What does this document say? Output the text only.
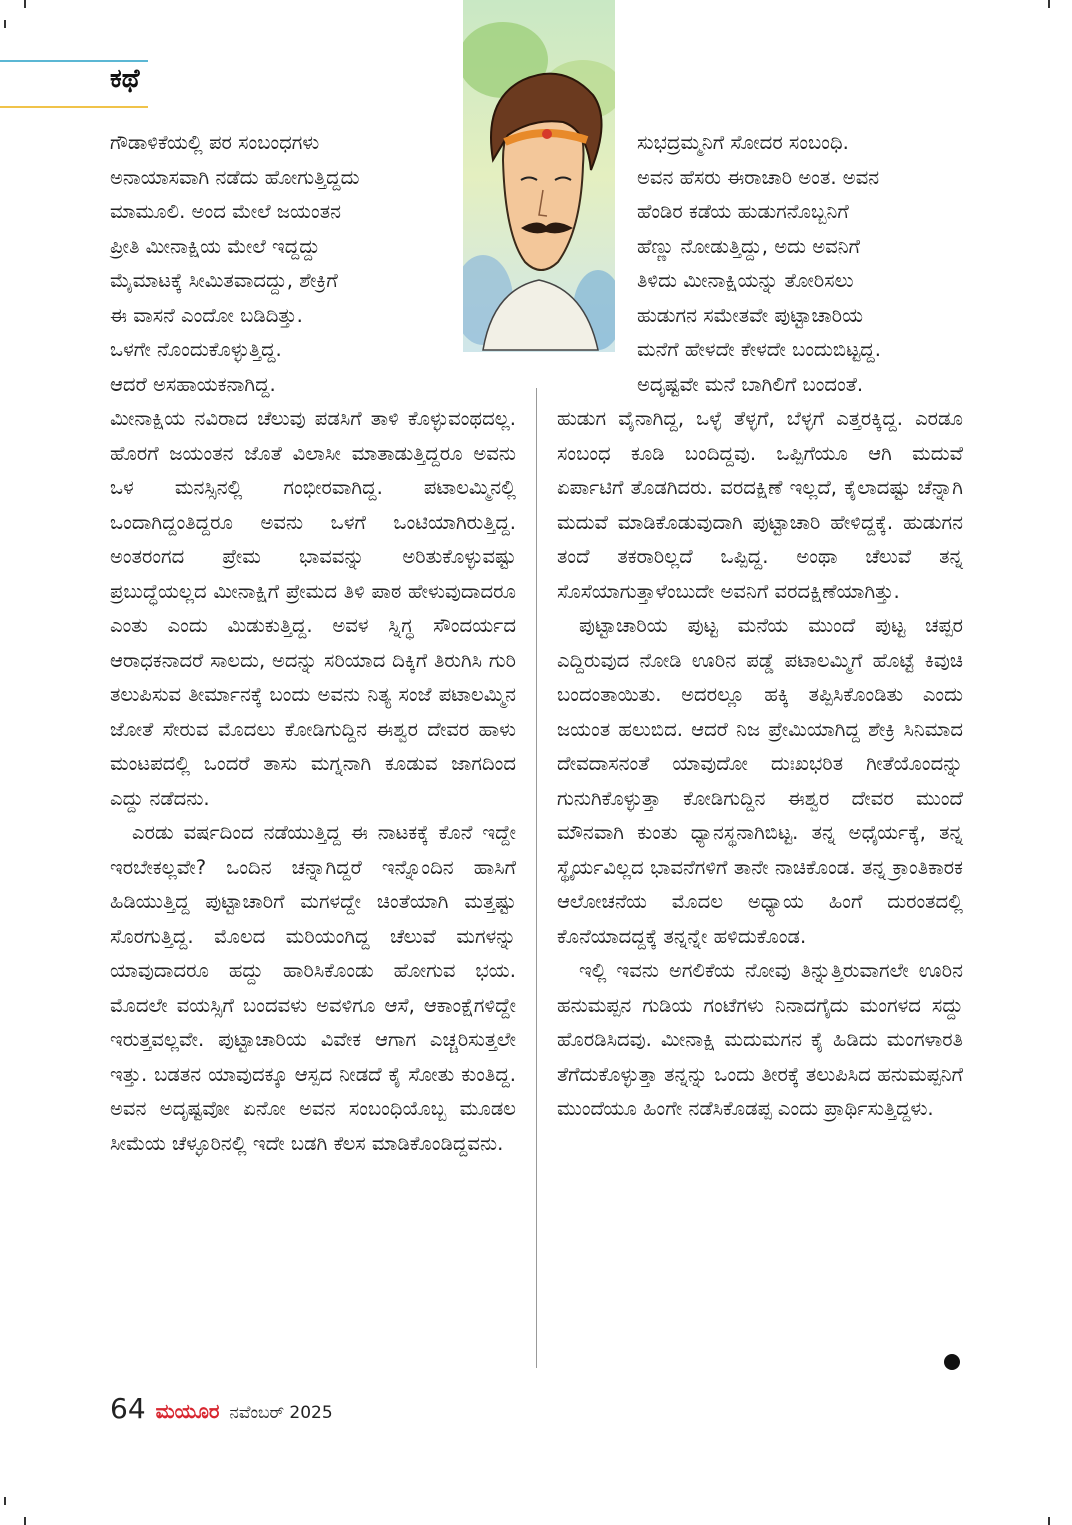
ಕಥೆ

ಗೌಡಾಳಿಕೆಯಲ್ಲಿ ಪರ ಸಂಬಂಧಗಳು

ಅನಾಯಾಸವಾಗಿ ನಡೆದು ಹೋಗುತ್ತಿದ್ದದು

ಮಾಮೂಲಿ. ಅಂದ ಮೇಲೆ ಜಯಂತನ

ಪ್ರೀತಿ ಮೀನಾಕ್ಷಿಯ ಮೇಲೆ ಇದ್ದದ್ದು

ಮೈಮಾಟಕ್ಕೆ ಸೀಮಿತವಾದದ್ದು, ಶೇಕ್ರಿಗೆ

ಈ ವಾಸನೆ ಎಂದೋ ಬಡಿದಿತ್ತು.

ಒಳಗೇ ನೊಂದುಕೊಳ್ಳುತ್ತಿದ್ದ.

ಆದರೆ ಅಸಹಾಯಕನಾಗಿದ್ದ.

ಮೀನಾಕ್ಷಿಯ ನವಿರಾದ ಚೆಲುವು ಪಡಸಿಗೆ ತಾಳಿ ಕೊಳ್ಳುವಂಥದಲ್ಲ. ಹೊರಗೆ ಜಯಂತನ ಜೊತೆ ವಿಲಾಸೀ ಮಾತಾಡುತ್ತಿದ್ದರೂ ಅವನು ಒಳ ಮನಸ್ಸಿನಲ್ಲಿ ಗಂಭೀರವಾಗಿದ್ದ. ಪಟಾಲಮ್ಮಿನಲ್ಲಿ ಒಂದಾಗಿದ್ದಂತಿದ್ದರೂ ಅವನು ಒಳಗೆ ಒಂಟಿಯಾಗಿರುತ್ತಿದ್ದ. ಅಂತರಂಗದ ಪ್ರೇಮ ಭಾವವನ್ನು ಅರಿತುಕೊಳ್ಳುವಷ್ಟು ಪ್ರಬುದ್ಧೆಯಲ್ಲದ ಮೀನಾಕ್ಷಿಗೆ ಪ್ರೇಮದ ತಿಳಿ ಪಾಠ ಹೇಳುವುದಾದರೂ ಎಂತು ಎಂದು ಮಿಡುಕುತ್ತಿದ್ದ. ಅವಳ ಸ್ನಿಗ್ಧ ಸೌಂದರ್ಯದ ಆರಾಧಕನಾದರೆ ಸಾಲದು, ಅದನ್ನು ಸರಿಯಾದ ದಿಕ್ಕಿಗೆ ತಿರುಗಿಸಿ ಗುರಿ ತಲುಪಿಸುವ ತೀರ್ಮಾನಕ್ಕೆ ಬಂದು ಅವನು ನಿತ್ಯ ಸಂಜೆ ಪಟಾಲಮ್ಮಿನ ಜೋತೆ ಸೇರುವ ಮೊದಲು ಕೋಡಿಗುದ್ದಿನ ಈಶ್ವರ ದೇವರ ಹಾಳು ಮಂಟಪದಲ್ಲಿ ಒಂದರೆ ತಾಸು ಮಗ್ನನಾಗಿ ಕೂಡುವ ಜಾಗದಿಂದ ಎದ್ದು ನಡೆದನು.

ಎರಡು ವರ್ಷದಿಂದ ನಡೆಯುತ್ತಿದ್ದ ಈ ನಾಟಕಕ್ಕೆ ಕೊನೆ ಇದ್ದೇ ಇರಬೇಕಲ್ಲವೇ? ಒಂದಿನ ಚನ್ನಾಗಿದ್ದರೆ ಇನ್ನೊಂದಿನ ಹಾಸಿಗೆ ಹಿಡಿಯುತ್ತಿದ್ದ ಪುಟ್ಟಾಚಾರಿಗೆ ಮಗಳದ್ದೇ ಚಿಂತೆಯಾಗಿ ಮತ್ತಷ್ಟು ಸೊರಗುತ್ತಿದ್ದ. ಮೊಲದ ಮರಿಯಂಗಿದ್ದ ಚೆಲುವೆ ಮಗಳನ್ನು ಯಾವುದಾದರೂ ಹದ್ದು ಹಾರಿಸಿಕೊಂಡು ಹೋಗುವ ಭಯ. ಮೊದಲೇ ವಯಸ್ಸಿಗೆ ಬಂದವಳು ಅವಳಿಗೂ ಆಸೆ, ಆಕಾಂಕ್ಷೆಗಳಿದ್ದೇ ಇರುತ್ತವಲ್ಲವೇ. ಪುಟ್ಟಾಚಾರಿಯ ವಿವೇಕ ಆಗಾಗ ಎಚ್ಚರಿಸುತ್ತಲೇ ಇತ್ತು. ಬಡತನ ಯಾವುದಕ್ಕೂ ಆಸ್ಪದ ನೀಡದೆ ಕೈ ಸೋತು ಕುಂತಿದ್ದ. ಅವನ ಅದೃಷ್ಟವೋ ಏನೋ ಅವನ ಸಂಬಂಧಿಯೊಬ್ಬ ಮೂಡಲ ಸೀಮೆಯ ಚೆಳ್ಳೂರಿನಲ್ಲಿ ಇದೇ ಬಡಗಿ ಕೆಲಸ ಮಾಡಿಕೊಂಡಿದ್ದವನು.

ಸುಭದ್ರಮ್ಮನಿಗೆ ಸೋದರ ಸಂಬಂಧಿ.

ಅವನ ಹೆಸರು ಈರಾಚಾರಿ ಅಂತ. ಅವನ

ಹೆಂಡಿರ ಕಡೆಯ ಹುಡುಗನೊಬ್ಬನಿಗೆ

ಹೆಣ್ಣು ನೋಡುತ್ತಿದ್ದು, ಅದು ಅವನಿಗೆ

ತಿಳಿದು ಮೀನಾಕ್ಷಿಯನ್ನು ತೋರಿಸಲು

ಹುಡುಗನ ಸಮೇತವೇ ಪುಟ್ಟಾಚಾರಿಯ

ಮನೆಗೆ ಹೇಳದೇ ಕೇಳದೇ ಬಂದುಬಿಟ್ಟದ್ದ.

ಅದೃಷ್ಟವೇ ಮನೆ ಬಾಗಿಲಿಗೆ ಬಂದಂತೆ.

ಹುಡುಗ ವೈನಾಗಿದ್ದ, ಒಳ್ಳೆ ತೆಳ್ಳಗೆ, ಬೆಳ್ಳಗೆ ಎತ್ತರಕ್ಕಿದ್ದ. ಎರಡೂ ಸಂಬಂಧ ಕೂಡಿ ಬಂದಿದ್ದವು. ಒಪ್ಪಿಗೆಯೂ ಆಗಿ ಮದುವೆ ಏರ್ಪಾಟಿಗೆ ತೊಡಗಿದರು. ವರದಕ್ಷಿಣೆ ಇಲ್ಲದೆ, ಕೈಲಾದಷ್ಟು ಚೆನ್ನಾಗಿ ಮದುವೆ ಮಾಡಿಕೊಡುವುದಾಗಿ ಪುಟ್ಟಾಚಾರಿ ಹೇಳಿದ್ದಕ್ಕೆ. ಹುಡುಗನ ತಂದೆ ತಕರಾರಿಲ್ಲದೆ ಒಪ್ಪಿದ್ದ. ಅಂಥಾ ಚೆಲುವೆ ತನ್ನ ಸೊಸೆಯಾಗುತ್ತಾಳೆಂಬುದೇ ಅವನಿಗೆ ವರದಕ್ಷಿಣೆಯಾಗಿತ್ತು.

ಪುಟ್ಟಾಚಾರಿಯ ಪುಟ್ಟ ಮನೆಯ ಮುಂದೆ ಪುಟ್ಟ ಚಪ್ಪರ ಎದ್ದಿರುವುದ ನೋಡಿ ಊರಿನ ಪಡ್ಡೆ ಪಟಾಲಮ್ಮಿಗೆ ಹೊಟ್ಟೆ ಕಿವುಚಿ ಬಂದಂತಾಯಿತು. ಅದರಲ್ಲೂ ಹಕ್ಕಿ ತಪ್ಪಿಸಿಕೊಂಡಿತು ಎಂದು ಜಯಂತ ಹಲುಬಿದ. ಆದರೆ ನಿಜ ಪ್ರೇಮಿಯಾಗಿದ್ದ ಶೇಕ್ರಿ ಸಿನಿಮಾದ ದೇವದಾಸನಂತೆ ಯಾವುದೋ ದುಃಖಭರಿತ ಗೀತೆಯೊಂದನ್ನು ಗುನುಗಿಕೊಳ್ಳುತ್ತಾ ಕೋಡಿಗುದ್ದಿನ ಈಶ್ವರ ದೇವರ ಮುಂದೆ ಮೌನವಾಗಿ ಕುಂತು ಧ್ಯಾನಸ್ಥನಾಗಿಬಿಟ್ಟ. ತನ್ನ ಅಧೈರ್ಯಕ್ಕೆ, ತನ್ನ ಸ್ಥೈರ್ಯವಿಲ್ಲದ ಭಾವನೆಗಳಿಗೆ ತಾನೇ ನಾಚಿಕೊಂಡ. ತನ್ನ ಕ್ರಾಂತಿಕಾರಕ ಆಲೋಚನೆಯ ಮೊದಲ ಅಧ್ಯಾಯ ಹಿಂಗೆ ದುರಂತದಲ್ಲಿ ಕೊನೆಯಾದದ್ದಕ್ಕೆ ತನ್ನನ್ನೇ ಹಳಿದುಕೊಂಡ.

ಇಲ್ಲಿ ಇವನು ಅಗಲಿಕೆಯ ನೋವು ತಿನ್ನುತ್ತಿರುವಾಗಲೇ ಊರಿನ ಹನುಮಪ್ಪನ ಗುಡಿಯ ಗಂಟೆಗಳು ನಿನಾದಗೈದು ಮಂಗಳದ ಸದ್ದು ಹೊರಡಿಸಿದವು. ಮೀನಾಕ್ಷಿ ಮದುಮಗನ ಕೈ ಹಿಡಿದು ಮಂಗಳಾರತಿ ತೆಗೆದುಕೊಳ್ಳುತ್ತಾ ತನ್ನನ್ನು ಒಂದು ತೀರಕ್ಕೆ ತಲುಪಿಸಿದ ಹನುಮಪ್ಪನಿಗೆ ಮುಂದೆಯೂ ಹಿಂಗೇ ನಡೆಸಿಕೊಡಪ್ಪ ಎಂದು ಪ್ರಾರ್ಥಿಸುತ್ತಿದ್ದಳು.

64 ಮಯೂರ ನವೆಂಬರ್ 2025
